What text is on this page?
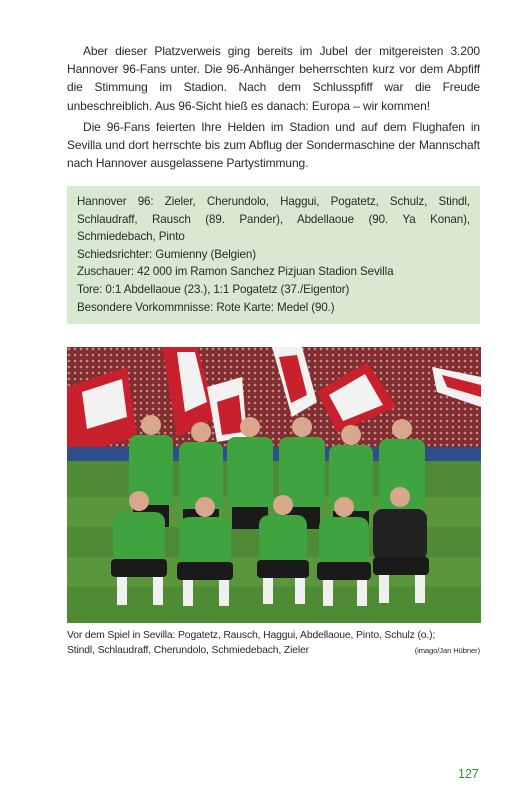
Aber dieser Platzverweis ging bereits im Jubel der mitgereisten 3.200 Hannover 96-Fans unter. Die 96-Anhänger beherrschten kurz vor dem Abpfiff die Stimmung im Stadion. Nach dem Schlusspfiff war die Freude unbeschreiblich. Aus 96-Sicht hieß es danach: Europa – wir kommen!

Die 96-Fans feierten Ihre Helden im Stadion und auf dem Flughafen in Sevilla und dort herrschte bis zum Abflug der Sondermaschine der Mannschaft nach Hannover ausgelassene Partystimmung.

Hannover 96: Zieler, Cherundolo, Haggui, Pogatetz, Schulz, Stindl, Schlaudraff, Rausch (89. Pander), Abdellaoue (90. Ya Konan), Schmiedebach, Pinto

Schiedsrichter: Gumienny (Belgien)

Zuschauer: 42 000 im Ramon Sanchez Pizjuan Stadion Sevilla

Tore: 0:1 Abdellaoue (23.), 1:1 Pogatetz (37./Eigentor)

Besondere Vorkommnisse: Rote Karte: Medel (90.)

Vor dem Spiel in Sevilla: Pogatetz, Rausch, Haggui, Abdellaoue, Pinto, Schulz (o.);
Stindl, Schlaudraff, Cherundolo, Schmiedebach, Zieler	(imago/Jan Hübner)
127
